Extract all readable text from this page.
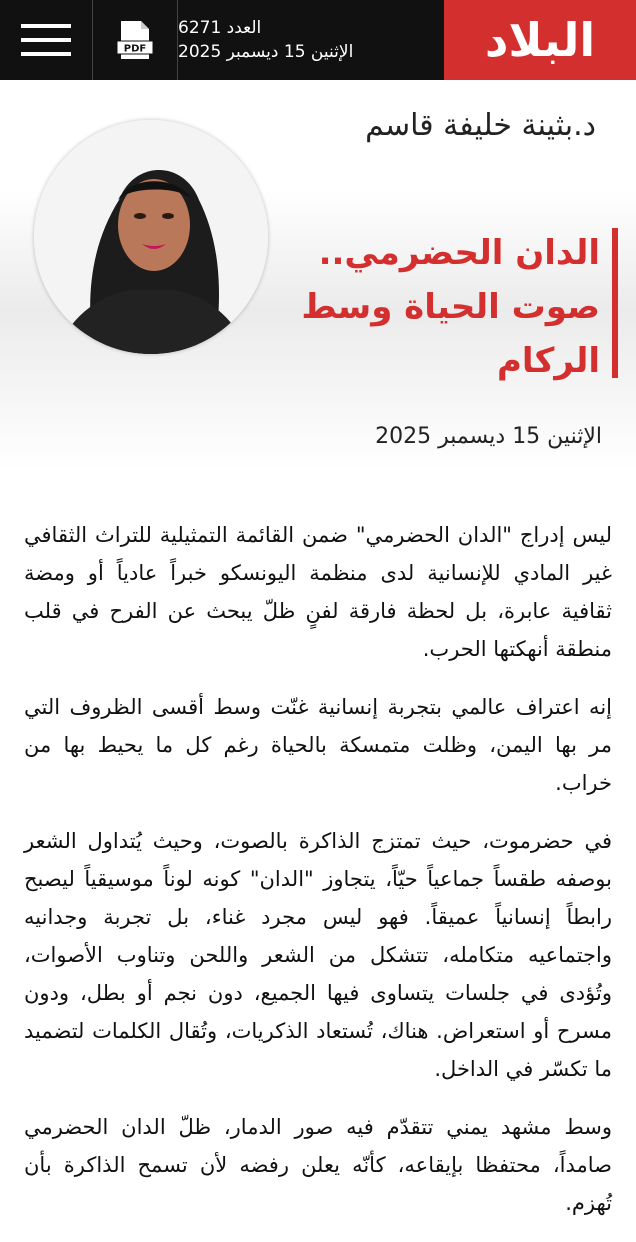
PDF
العدد 6271
الإثنين 15 ديسمبر 2025	البلاد
د.بثينة خليفة قاسم
الدان الحضرمي..
صوت الحياة وسط
الركام
الإثنين 15 ديسمبر 2025

ليس إدراج "الدان الحضرمي" ضمن القائمة التمثيلية للتراث الثقافي غير المادي للإنسانية لدى منظمة اليونسكو خبراً عادياً أو ومضة ثقافية عابرة، بل لحظة فارقة لفنٍ ظلّ يبحث عن الفرح في قلب منطقة أنهكتها الحرب.

إنه اعتراف عالمي بتجربة إنسانية غنّت وسط أقسى الظروف التي مر بها اليمن، وظلت متمسكة بالحياة رغم كل ما يحيط بها من خراب.

في حضرموت، حيث تمتزج الذاكرة بالصوت، وحيث يُتداول الشعر بوصفه طقساً جماعياً حيّاً، يتجاوز "الدان" كونه لوناً موسيقياً ليصبح رابطاً إنسانياً عميقاً. فهو ليس مجرد غناء، بل تجربة وجدانيه واجتماعيه متكامله، تتشكل من الشعر واللحن وتناوب الأصوات، وتُؤدى في جلسات يتساوى فيها الجميع، دون نجم أو بطل، ودون مسرح أو استعراض. هناك، تُستعاد الذكريات، وتُقال الكلمات لتضميد ما تكسّر في الداخل.

وسط مشهد يمني تتقدّم فيه صور الدمار، ظلّ الدان الحضرمي صامداً، محتفظا بإيقاعه، كأنّه يعلن رفضه لأن تسمح الذاكرة بأن تُهزم.
